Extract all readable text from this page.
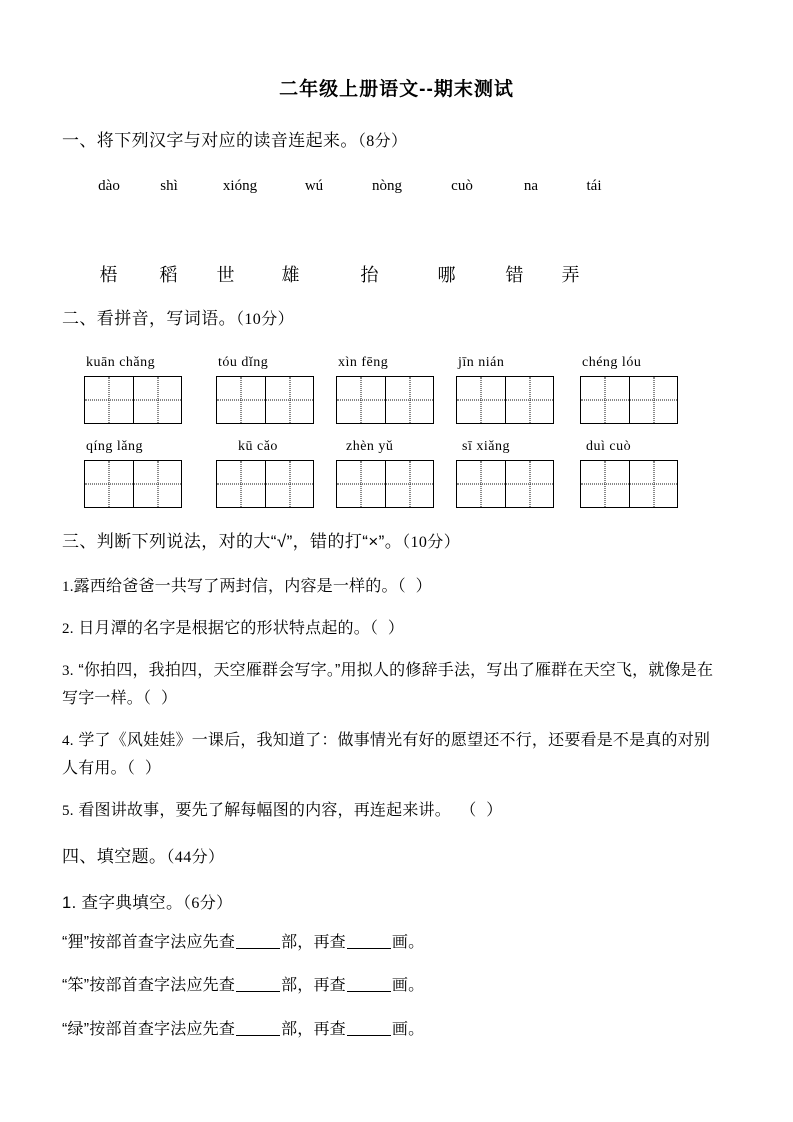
二年级上册语文--期末测试
一、将下列汉字与对应的读音连起来。（8分）
dào	shì	xióng	wú	nòng	cuò	na	tái
梧	稻	世	雄	抬	哪	错	弄
二、看拼音，写词语。（10分）
kuān chǎng	tóu dǐng	xìn fēng	jīn nián	chéng lóu
qíng lǎng	kū cǎo	zhèn yǔ	sī xiǎng	duì cuò
三、判断下列说法，对的大“√”，错的打“×”。（10分）
1.露西给爸爸一共写了两封信，内容是一样的。（ ）
2. 日月潭的名字是根据它的形状特点起的。（ ）
3. “你拍四，我拍四，天空雁群会写字。”用拟人的修辞手法，写出了雁群在天空飞，就像是在写字一样。（ ）
4. 学了《风娃娃》一课后，我知道了：做事情光有好的愿望还不行，还要看是不是真的对别人有用。（ ）
5. 看图讲故事，要先了解每幅图的内容，再连起来讲。 （ ）
四、填空题。（44分）
1. 查字典填空。（6分）
“狸”按部首查字法应先查	部，再查	画。
“笨”按部首查字法应先查	部，再查	画。
“绿”按部首查字法应先查	部，再查	画。
